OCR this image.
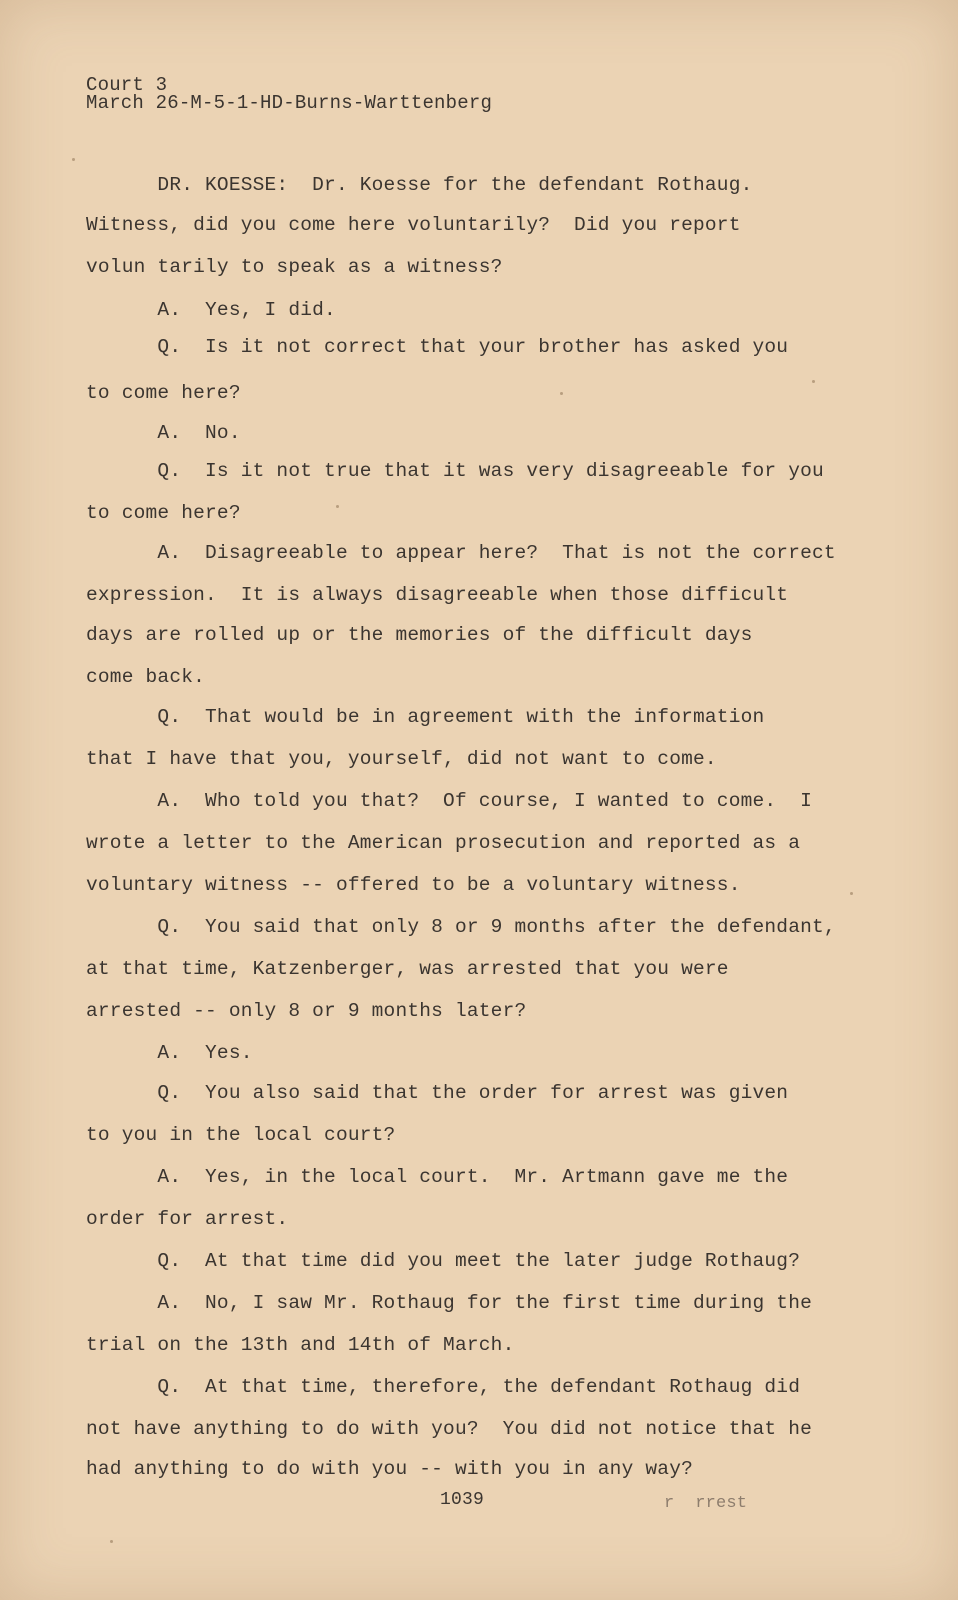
Court 3
March 26-M-5-1-HD-Burns-Warttenberg
DR. KOESSE:  Dr. Koesse for the defendant Rothaug.
Witness, did you come here voluntarily?  Did you report
volun tarily to speak as a witness?
A.  Yes, I did.
Q.  Is it not correct that your brother has asked you
to come here?
A.  No.
Q.  Is it not true that it was very disagreeable for you
to come here?
A.  Disagreeable to appear here?  That is not the correct
expression.  It is always disagreeable when those difficult
days are rolled up or the memories of the difficult days
come back.
Q.  That would be in agreement with the information
that I have that you, yourself, did not want to come.
A.  Who told you that?  Of course, I wanted to come.  I
wrote a letter to the American prosecution and reported as a
voluntary witness -- offered to be a voluntary witness.
Q.  You said that only 8 or 9 months after the defendant,
at that time, Katzenberger, was arrested that you were
arrested -- only 8 or 9 months later?
A.  Yes.
Q.  You also said that the order for arrest was given
to you in the local court?
A.  Yes, in the local court.  Mr. Artmann gave me the
order for arrest.
Q.  At that time did you meet the later judge Rothaug?
A.  No, I saw Mr. Rothaug for the first time during the
trial on the 13th and 14th of March.
Q.  At that time, therefore, the defendant Rothaug did
not have anything to do with you?  You did not notice that he
had anything to do with you -- with you in any way?
1039	r  rrest
